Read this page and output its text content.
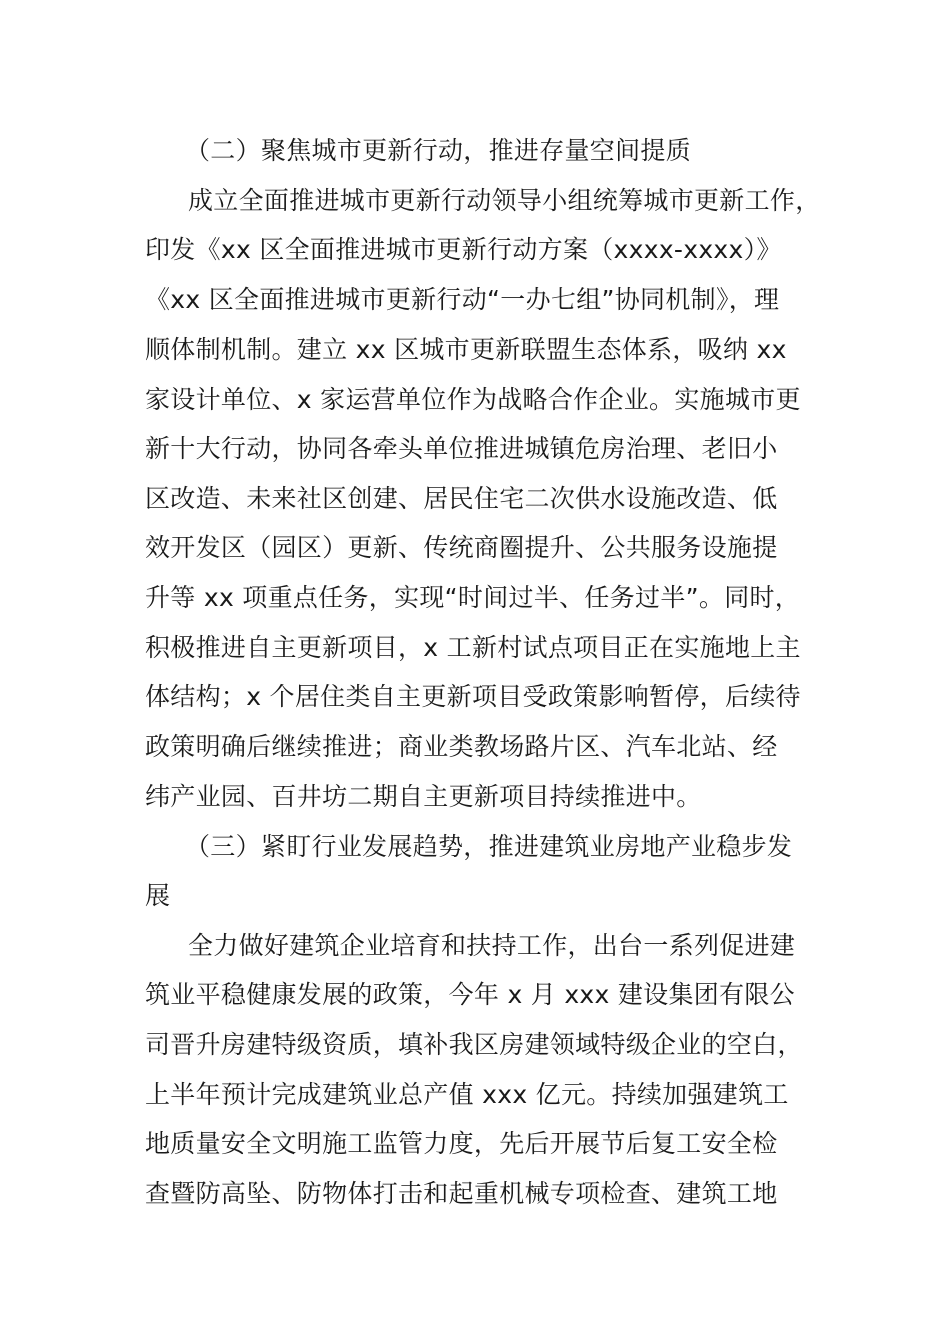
（二）聚焦城市更新行动，推进存量空间提质
成立全面推进城市更新行动领导小组统筹城市更新工作，
印发《xx 区全面推进城市更新行动方案（xxxx-xxxx）》
《xx 区全面推进城市更新行动“一办七组”协同机制》，理
顺体制机制。建立 xx 区城市更新联盟生态体系，吸纳 xx
家设计单位、x 家运营单位作为战略合作企业。实施城市更
新十大行动，协同各牵头单位推进城镇危房治理、老旧小
区改造、未来社区创建、居民住宅二次供水设施改造、低
效开发区（园区）更新、传统商圈提升、公共服务设施提
升等 xx 项重点任务，实现“时间过半、任务过半”。同时，
积极推进自主更新项目，x 工新村试点项目正在实施地上主
体结构；x 个居住类自主更新项目受政策影响暂停，后续待
政策明确后继续推进；商业类教场路片区、汽车北站、经
纬产业园、百井坊二期自主更新项目持续推进中。
（三）紧盯行业发展趋势，推进建筑业房地产业稳步发
展
全力做好建筑企业培育和扶持工作，出台一系列促进建
筑业平稳健康发展的政策，今年 x 月 xxx 建设集团有限公
司晋升房建特级资质，填补我区房建领域特级企业的空白，
上半年预计完成建筑业总产值 xxx 亿元。持续加强建筑工
地质量安全文明施工监管力度，先后开展节后复工安全检
查暨防高坠、防物体打击和起重机械专项检查、建筑工地
